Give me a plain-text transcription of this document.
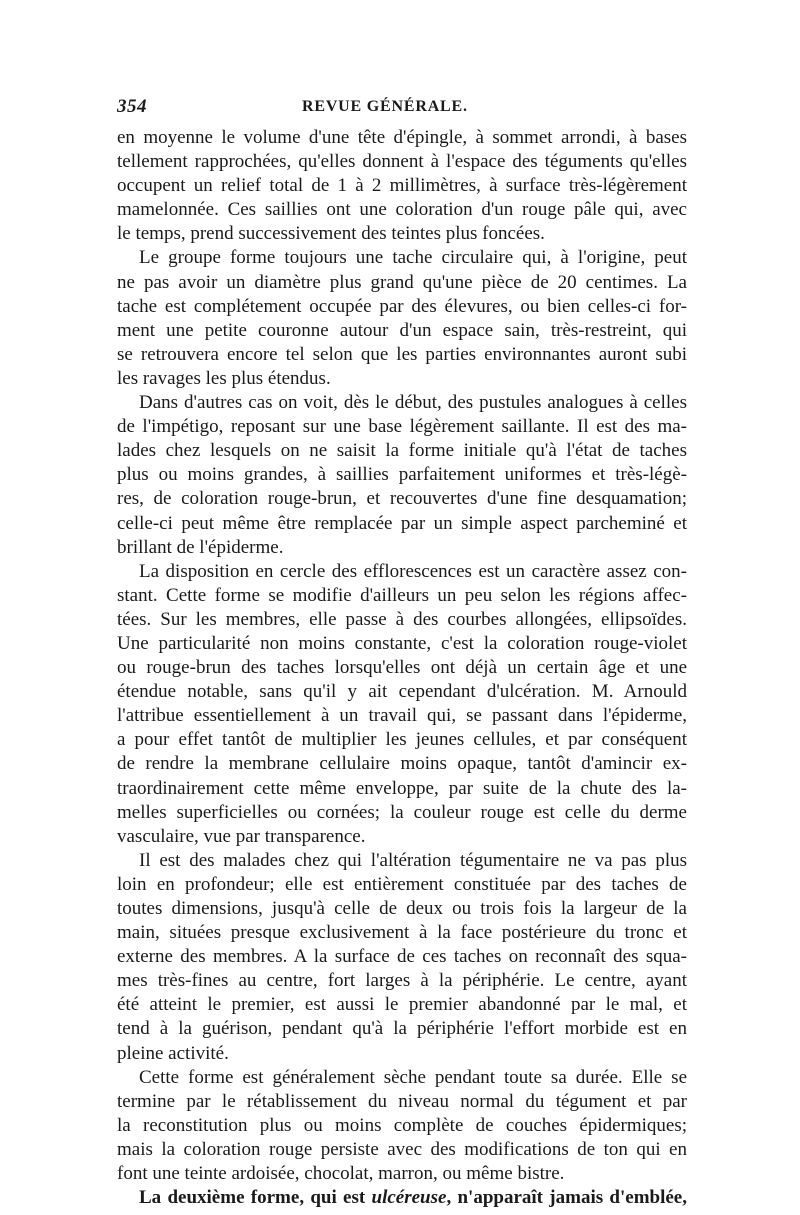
354	REVUE GÉNÉRALE.
en moyenne le volume d'une tête d'épingle, à sommet arrondi, à bases
tellement rapprochées, qu'elles donnent à l'espace des téguments qu'elles
occupent un relief total de 1 à 2 millimètres, à surface très-légèrement
mamelonnée. Ces saillies ont une coloration d'un rouge pâle qui, avec
le temps, prend successivement des teintes plus foncées.
Le groupe forme toujours une tache circulaire qui, à l'origine, peut
ne pas avoir un diamètre plus grand qu'une pièce de 20 centimes. La
tache est complétement occupée par des élevures, ou bien celles-ci for-
ment une petite couronne autour d'un espace sain, très-restreint, qui
se retrouvera encore tel selon que les parties environnantes auront subi
les ravages les plus étendus.
Dans d'autres cas on voit, dès le début, des pustules analogues à celles
de l'impétigo, reposant sur une base légèrement saillante. Il est des ma-
lades chez lesquels on ne saisit la forme initiale qu'à l'état de taches
plus ou moins grandes, à saillies parfaitement uniformes et très-légè-
res, de coloration rouge-brun, et recouvertes d'une fine desquamation;
celle-ci peut même être remplacée par un simple aspect parcheminé et
brillant de l'épiderme.
La disposition en cercle des efflorescences est un caractère assez con-
stant. Cette forme se modifie d'ailleurs un peu selon les régions affec-
tées. Sur les membres, elle passe à des courbes allongées, ellipsoïdes.
Une particularité non moins constante, c'est la coloration rouge-violet
ou rouge-brun des taches lorsqu'elles ont déjà un certain âge et une
étendue notable, sans qu'il y ait cependant d'ulcération. M. Arnould
l'attribue essentiellement à un travail qui, se passant dans l'épiderme,
a pour effet tantôt de multiplier les jeunes cellules, et par conséquent
de rendre la membrane cellulaire moins opaque, tantôt d'amincir ex-
traordinairement cette même enveloppe, par suite de la chute des la-
melles superficielles ou cornées; la couleur rouge est celle du derme
vasculaire, vue par transparence.
Il est des malades chez qui l'altération tégumentaire ne va pas plus
loin en profondeur; elle est entièrement constituée par des taches de
toutes dimensions, jusqu'à celle de deux ou trois fois la largeur de la
main, situées presque exclusivement à la face postérieure du tronc et
externe des membres. A la surface de ces taches on reconnaît des squa-
mes très-fines au centre, fort larges à la périphérie. Le centre, ayant
été atteint le premier, est aussi le premier abandonné par le mal, et
tend à la guérison, pendant qu'à la périphérie l'effort morbide est en
pleine activité.
Cette forme est généralement sèche pendant toute sa durée. Elle se
termine par le rétablissement du niveau normal du tégument et par
la reconstitution plus ou moins complète de couches épidermiques;
mais la coloration rouge persiste avec des modifications de ton qui en
font une teinte ardoisée, chocolat, marron, ou même bistre.
La deuxième forme, qui est ulcéreuse, n'apparaît jamais d'emblée,
